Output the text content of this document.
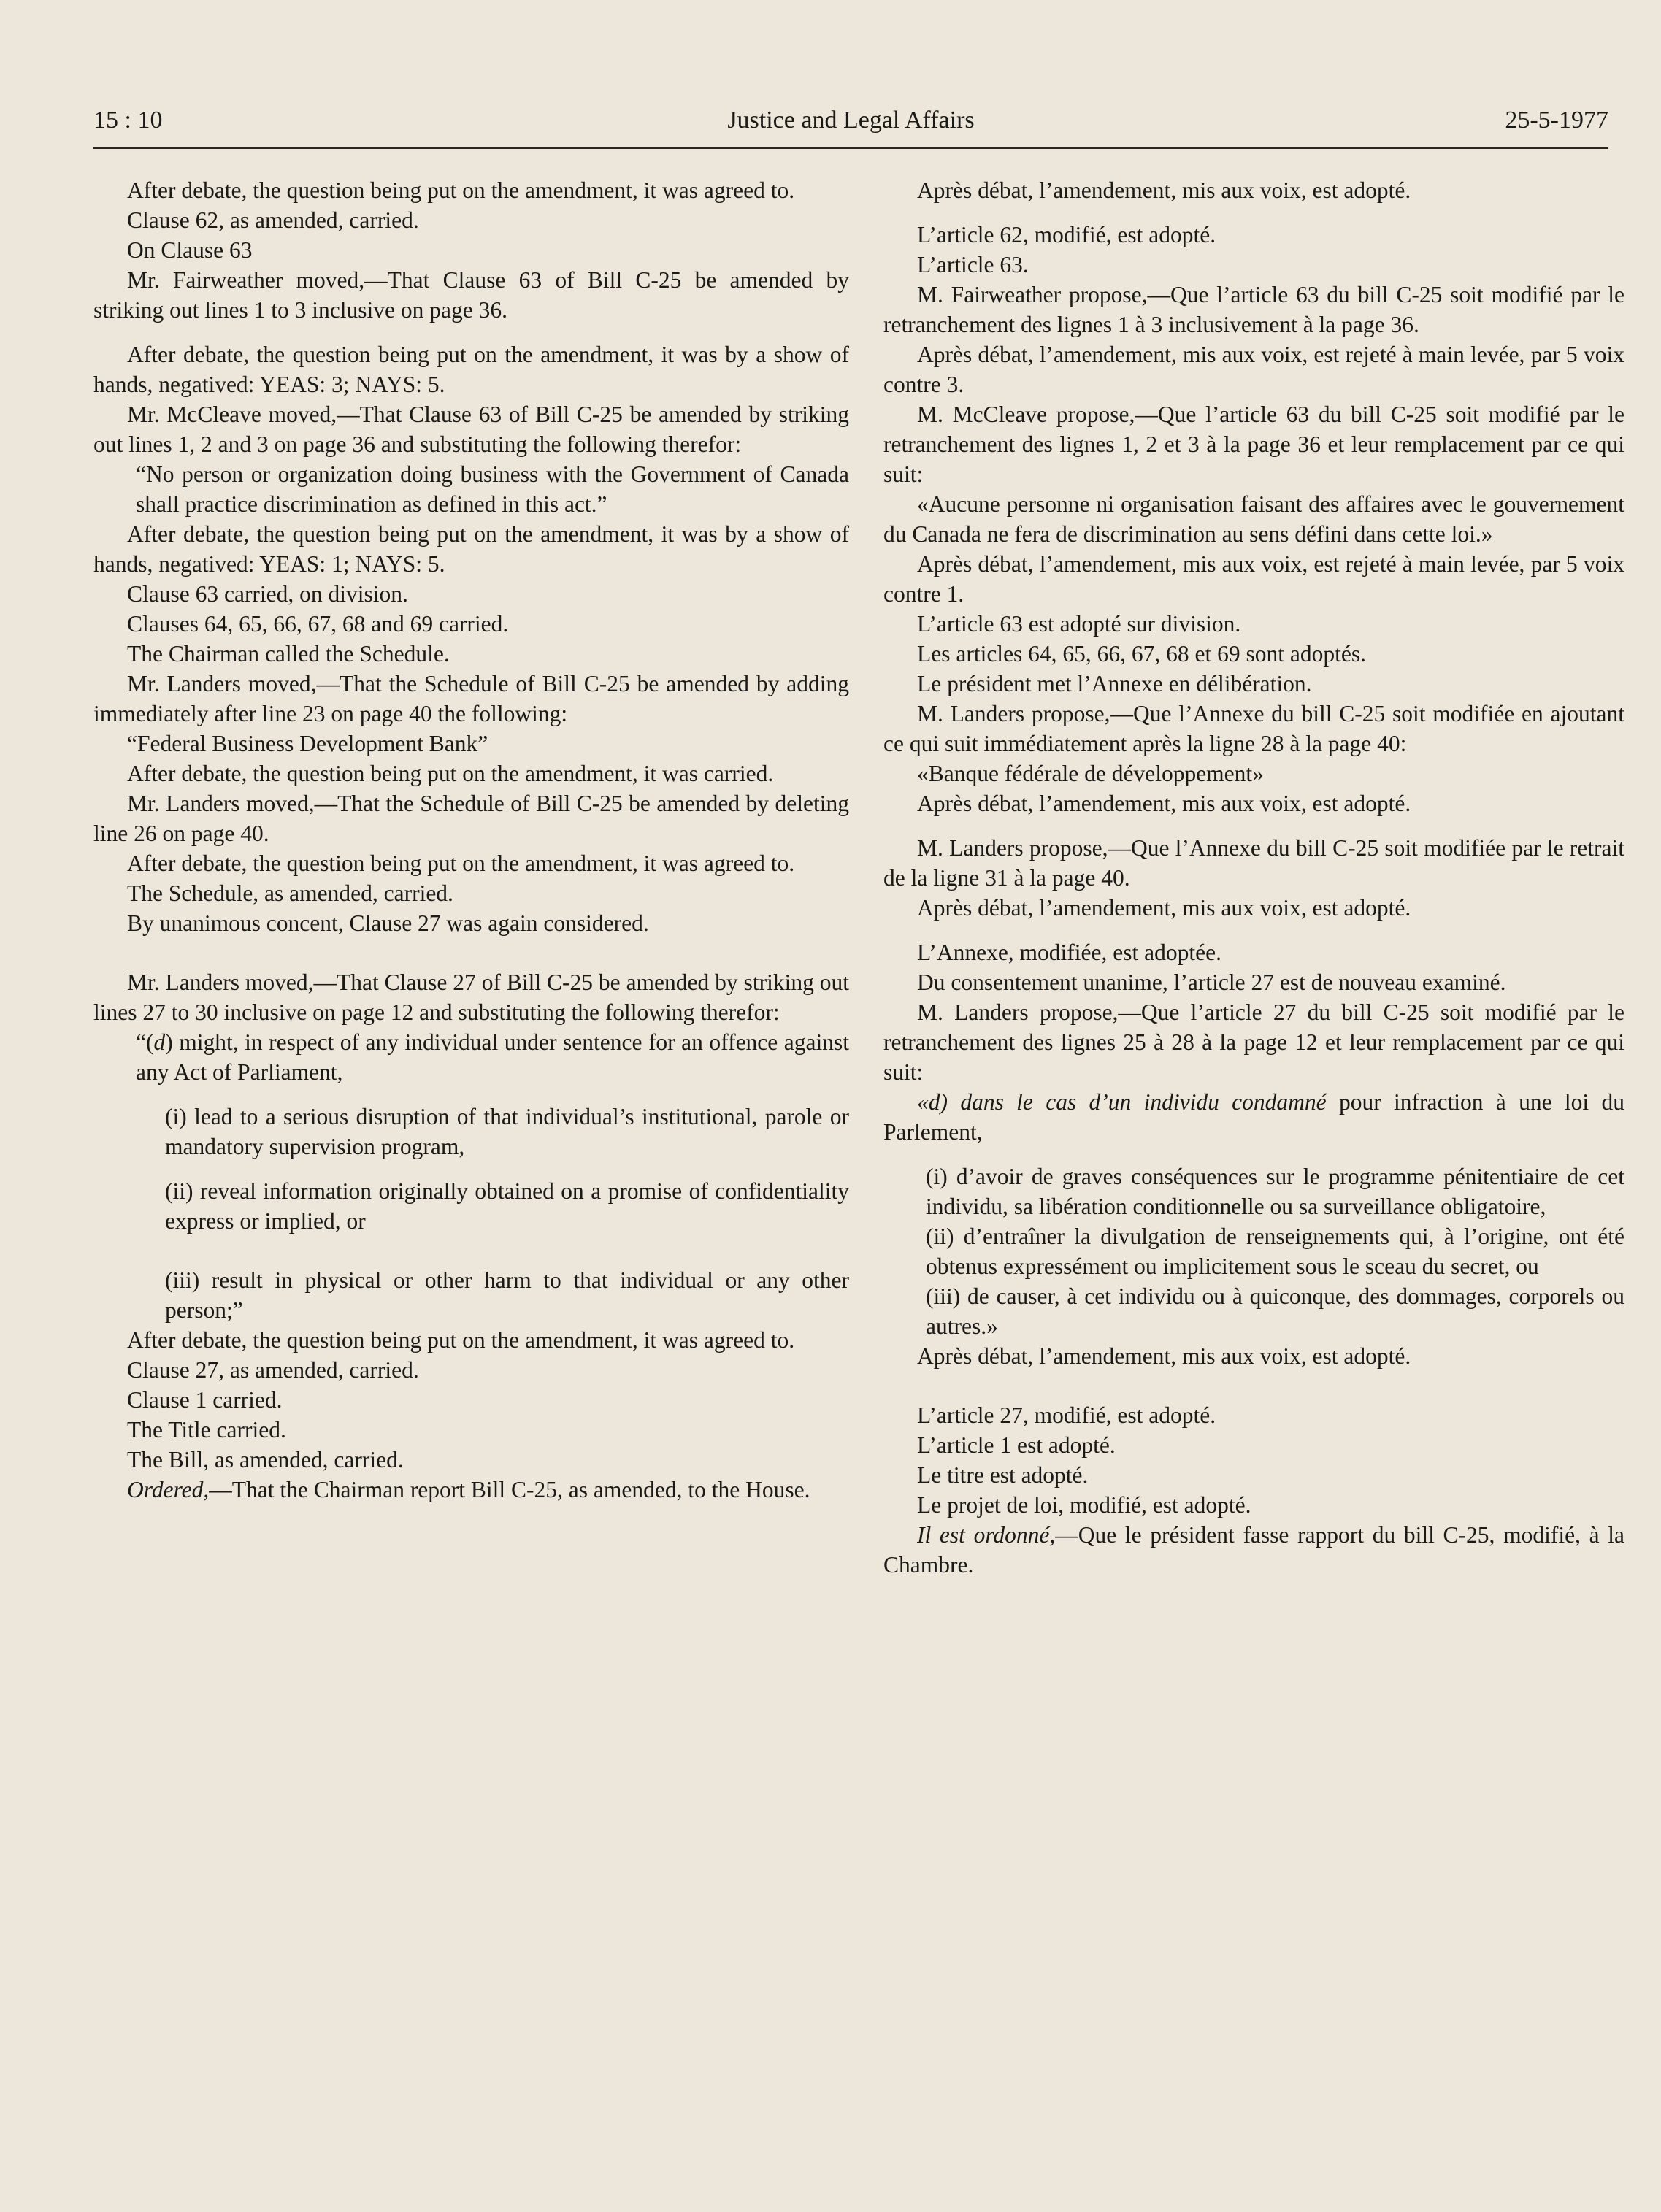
15 : 10	Justice and Legal Affairs	25-5-1977

After debate, the question being put on the amendment, it was agreed to.

Clause 62, as amended, carried.

On Clause 63

Mr. Fairweather moved,—That Clause 63 of Bill C-25 be amended by striking out lines 1 to 3 inclusive on page 36.

After debate, the question being put on the amendment, it was by a show of hands, negatived: YEAS: 3; NAYS: 5.

Mr. McCleave moved,—That Clause 63 of Bill C-25 be amended by striking out lines 1, 2 and 3 on page 36 and substituting the following therefor:

“No person or organization doing business with the Government of Canada shall practice discrimination as defined in this act.”

After debate, the question being put on the amendment, it was by a show of hands, negatived: YEAS: 1; NAYS: 5.

Clause 63 carried, on division.

Clauses 64, 65, 66, 67, 68 and 69 carried.

The Chairman called the Schedule.

Mr. Landers moved,—That the Schedule of Bill C-25 be amended by adding immediately after line 23 on page 40 the following:

“Federal Business Development Bank”

After debate, the question being put on the amendment, it was carried.

Mr. Landers moved,—That the Schedule of Bill C-25 be amended by deleting line 26 on page 40.

After debate, the question being put on the amendment, it was agreed to.

The Schedule, as amended, carried.

By unanimous concent, Clause 27 was again considered.

Mr. Landers moved,—That Clause 27 of Bill C-25 be amended by striking out lines 27 to 30 inclusive on page 12 and substituting the following therefor:

“(d) might, in respect of any individual under sentence for an offence against any Act of Parliament,

(i) lead to a serious disruption of that individual’s institutional, parole or mandatory supervision program,

(ii) reveal information originally obtained on a promise of confidentiality express or implied, or

(iii) result in physical or other harm to that individual or any other person;”

After debate, the question being put on the amendment, it was agreed to.

Clause 27, as amended, carried.

Clause 1 carried.

The Title carried.

The Bill, as amended, carried.

Ordered,—That the Chairman report Bill C-25, as amended, to the House.

Après débat, l’amendement, mis aux voix, est adopté.

L’article 62, modifié, est adopté.

L’article 63.

M. Fairweather propose,—Que l’article 63 du bill C-25 soit modifié par le retranchement des lignes 1 à 3 inclusivement à la page 36.

Après débat, l’amendement, mis aux voix, est rejeté à main levée, par 5 voix contre 3.

M. McCleave propose,—Que l’article 63 du bill C-25 soit modifié par le retranchement des lignes 1, 2 et 3 à la page 36 et leur remplacement par ce qui suit:

«Aucune personne ni organisation faisant des affaires avec le gouvernement du Canada ne fera de discrimination au sens défini dans cette loi.»

Après débat, l’amendement, mis aux voix, est rejeté à main levée, par 5 voix contre 1.

L’article 63 est adopté sur division.

Les articles 64, 65, 66, 67, 68 et 69 sont adoptés.

Le président met l’Annexe en délibération.

M. Landers propose,—Que l’Annexe du bill C-25 soit modifiée en ajoutant ce qui suit immédiatement après la ligne 28 à la page 40:

«Banque fédérale de développement»

Après débat, l’amendement, mis aux voix, est adopté.

M. Landers propose,—Que l’Annexe du bill C-25 soit modifiée par le retrait de la ligne 31 à la page 40.

Après débat, l’amendement, mis aux voix, est adopté.

L’Annexe, modifiée, est adoptée.

Du consentement unanime, l’article 27 est de nouveau examiné.

M. Landers propose,—Que l’article 27 du bill C-25 soit modifié par le retranchement des lignes 25 à 28 à la page 12 et leur remplacement par ce qui suit:

«d) dans le cas d’un individu condamné pour infraction à une loi du Parlement,

(i) d’avoir de graves conséquences sur le programme pénitentiaire de cet individu, sa libération conditionnelle ou sa surveillance obligatoire,

(ii) d’entraîner la divulgation de renseignements qui, à l’origine, ont été obtenus expressément ou implicitement sous le sceau du secret, ou

(iii) de causer, à cet individu ou à quiconque, des dommages, corporels ou autres.»

Après débat, l’amendement, mis aux voix, est adopté.

L’article 27, modifié, est adopté.

L’article 1 est adopté.

Le titre est adopté.

Le projet de loi, modifié, est adopté.

Il est ordonné,—Que le président fasse rapport du bill C-25, modifié, à la Chambre.
